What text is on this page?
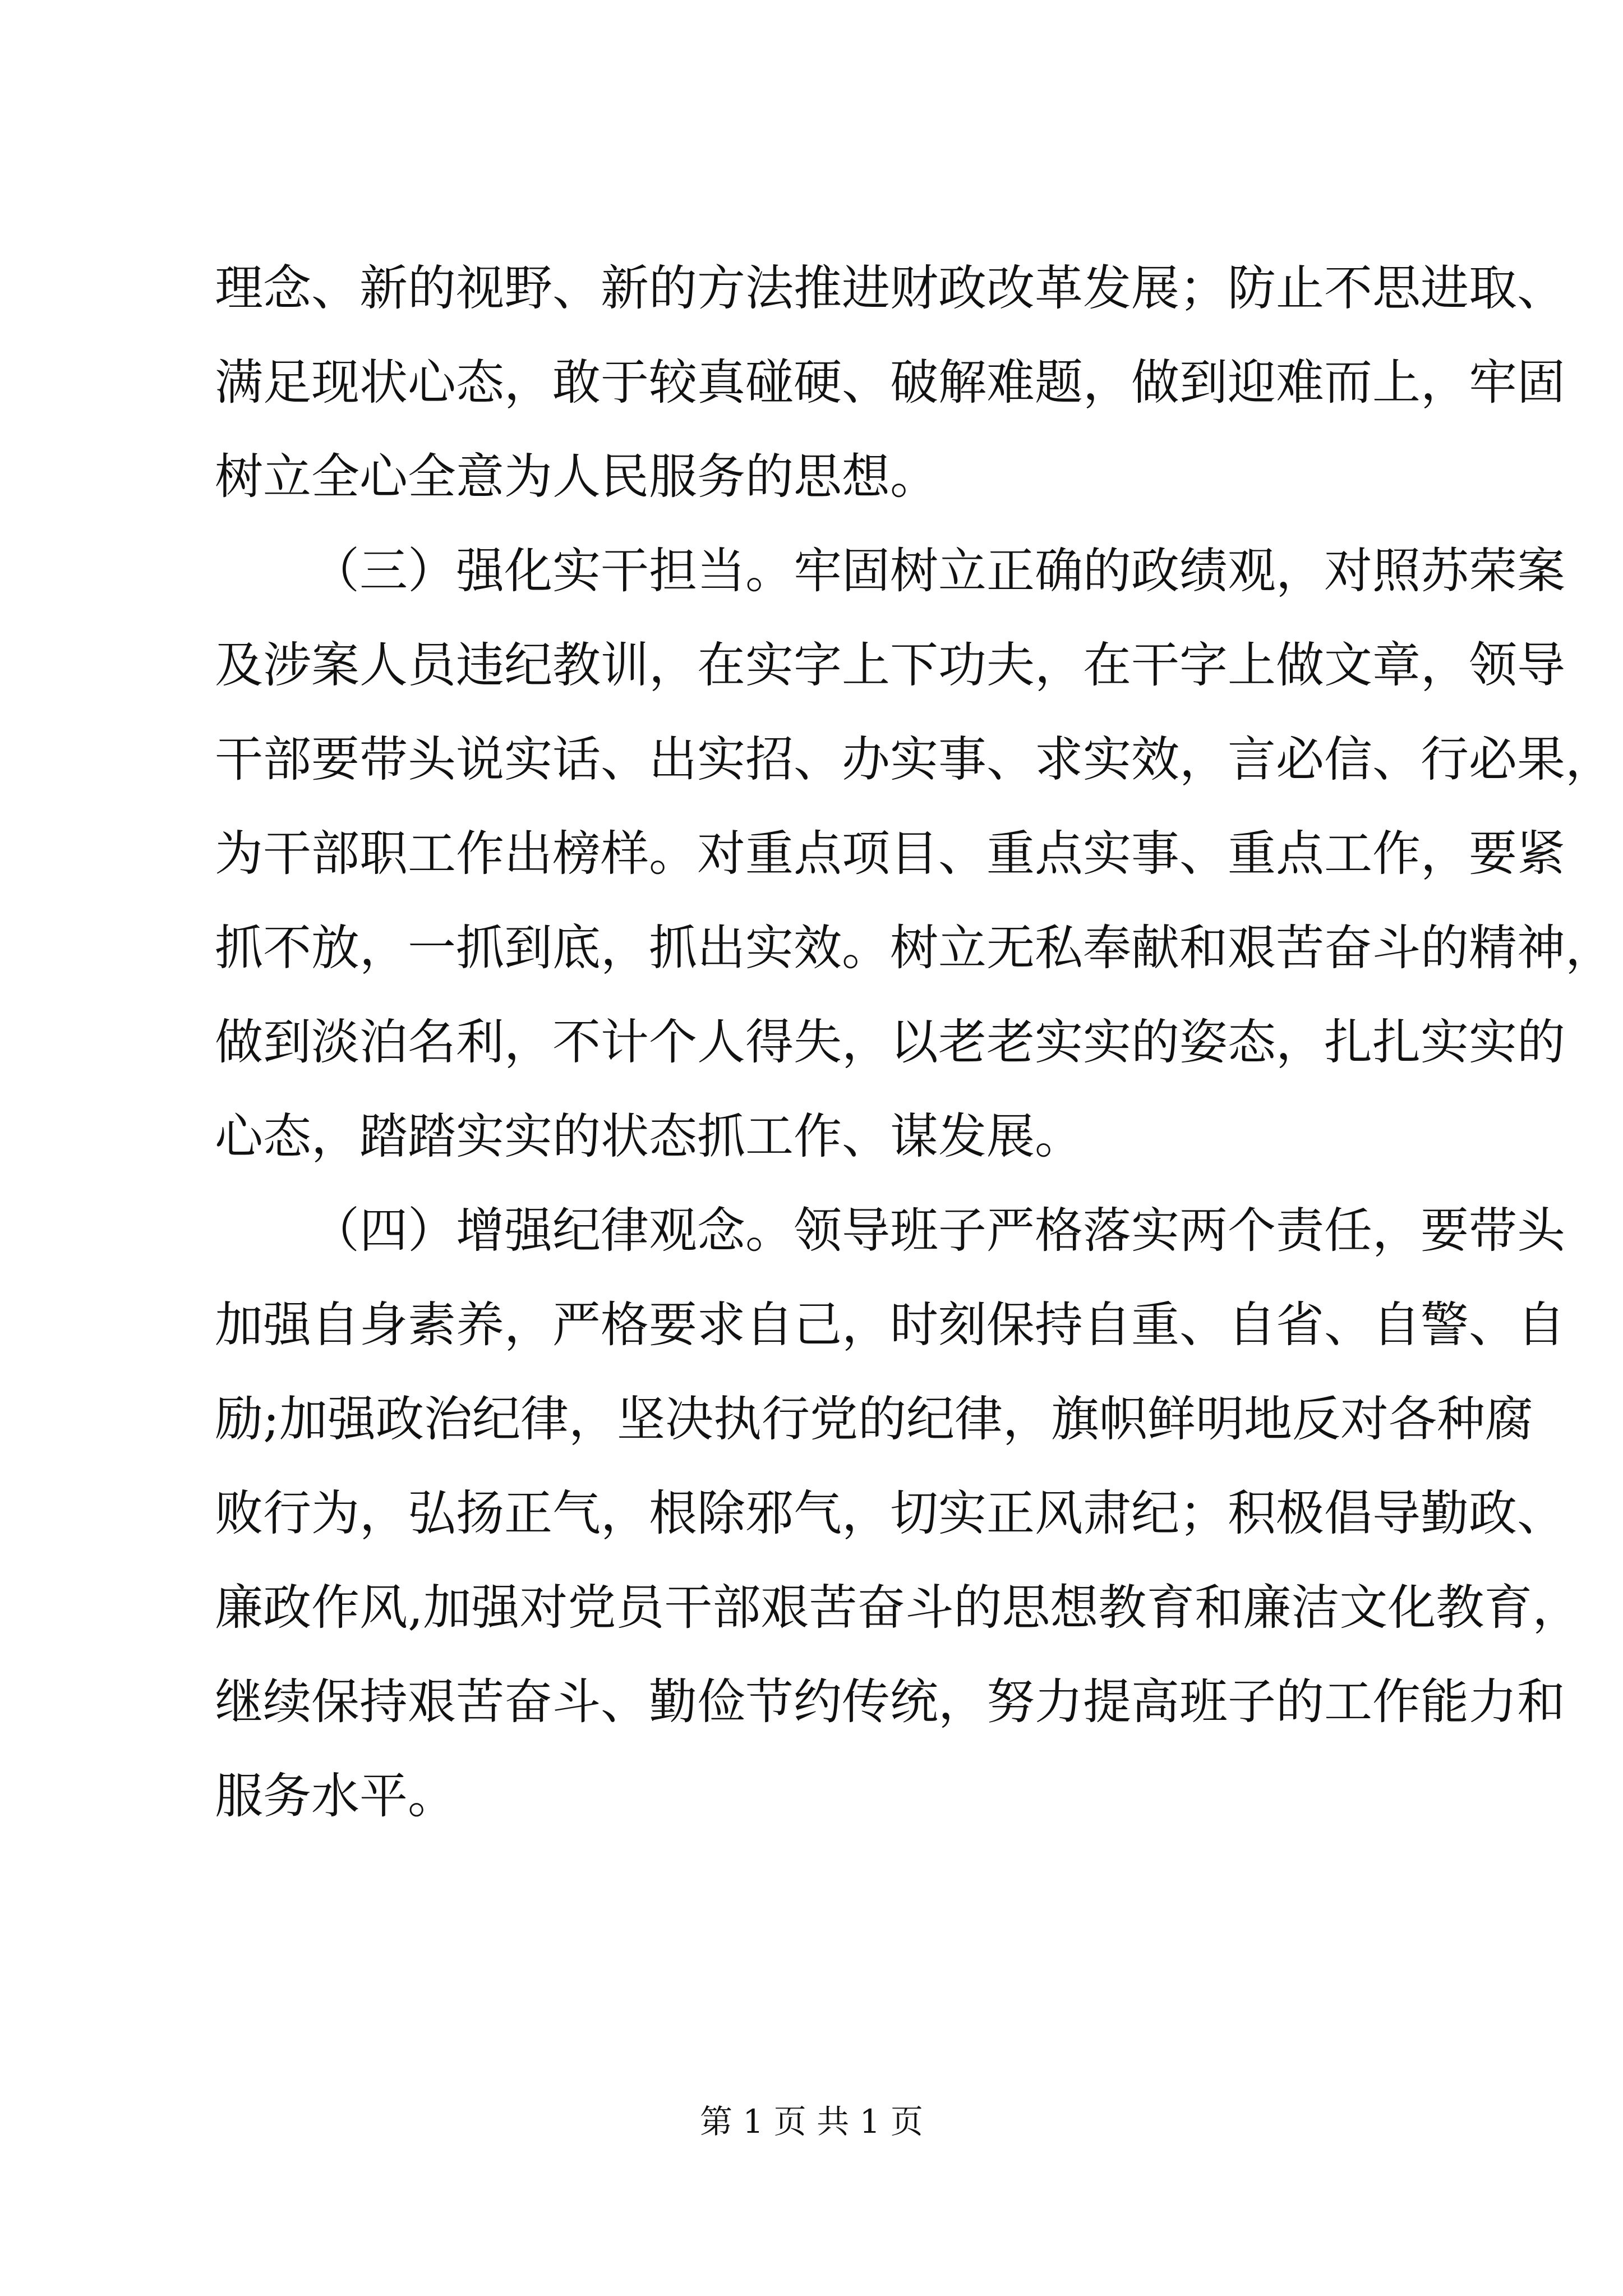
理念、新的视野、新的方法推进财政改革发展；防止不思进取、
满足现状心态，敢于较真碰硬、破解难题，做到迎难而上，牢固
树立全心全意为人民服务的思想。
（三）强化实干担当。牢固树立正确的政绩观，对照苏荣案
及涉案人员违纪教训，在实字上下功夫，在干字上做文章，领导
干部要带头说实话、出实招、办实事、求实效，言必信、行必果，
为干部职工作出榜样。对重点项目、重点实事、重点工作，要紧
抓不放，一抓到底，抓出实效。树立无私奉献和艰苦奋斗的精神，
做到淡泊名利，不计个人得失，以老老实实的姿态，扎扎实实的
心态，踏踏实实的状态抓工作、谋发展。
（四）增强纪律观念。领导班子严格落实两个责任，要带头
加强自身素养，严格要求自己，时刻保持自重、自省、自警、自
励;加强政治纪律，坚决执行党的纪律，旗帜鲜明地反对各种腐
败行为，弘扬正气，根除邪气，切实正风肃纪；积极倡导勤政、
廉政作风,加强对党员干部艰苦奋斗的思想教育和廉洁文化教育，
继续保持艰苦奋斗、勤俭节约传统，努力提高班子的工作能力和
服务水平。
第 1 页 共 1 页
